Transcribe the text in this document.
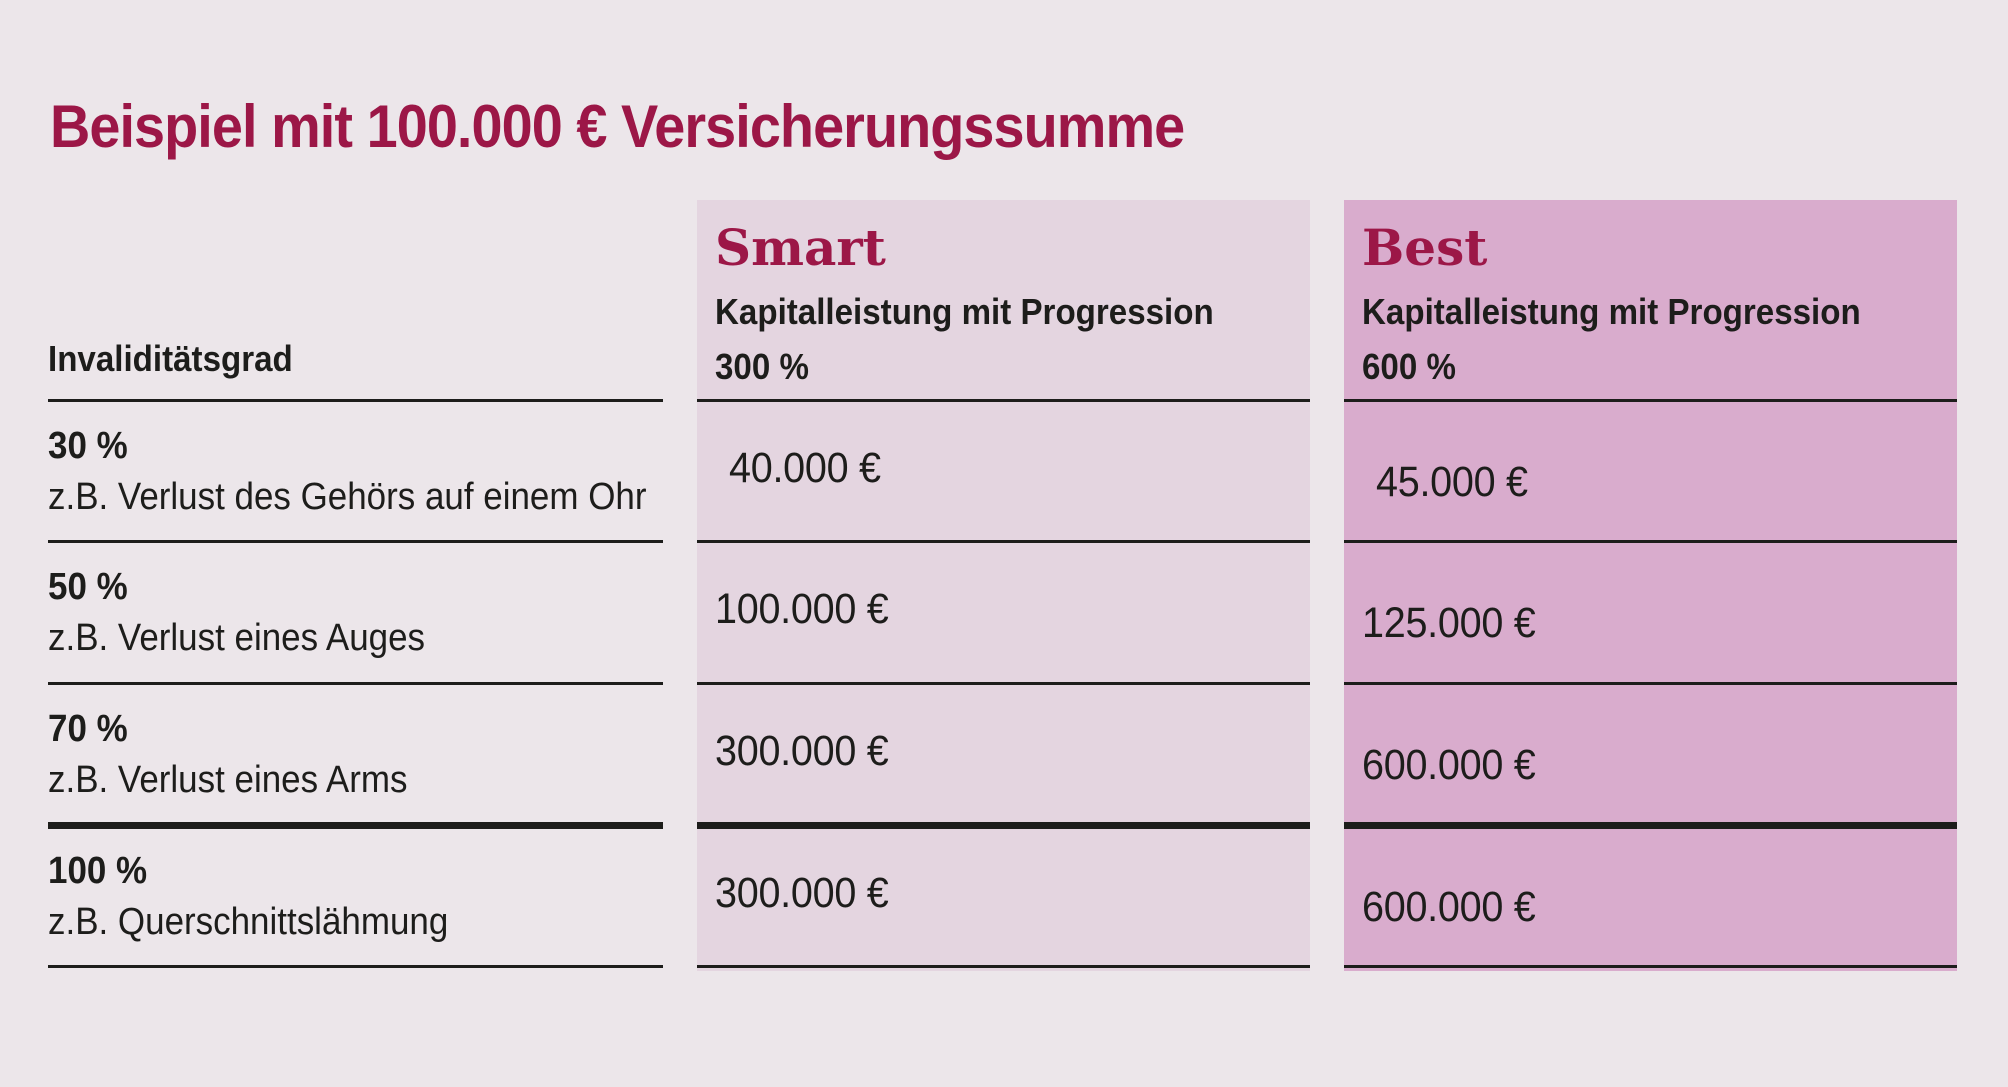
Beispiel mit 100.000 € Versicherungssumme
Invaliditätsgrad
Smart
Kapitalleistung mit Progression
300 %
Best
Kapitalleistung mit Progression
600 %
30 %
z.B. Verlust des Gehörs auf einem Ohr
40.000 €	45.000 €
50 %
z.B. Verlust eines Auges
100.000 €	125.000 €
70 %
z.B. Verlust eines Arms
300.000 €	600.000 €
100 %
z.B. Querschnittslähmung
300.000 €	600.000 €
